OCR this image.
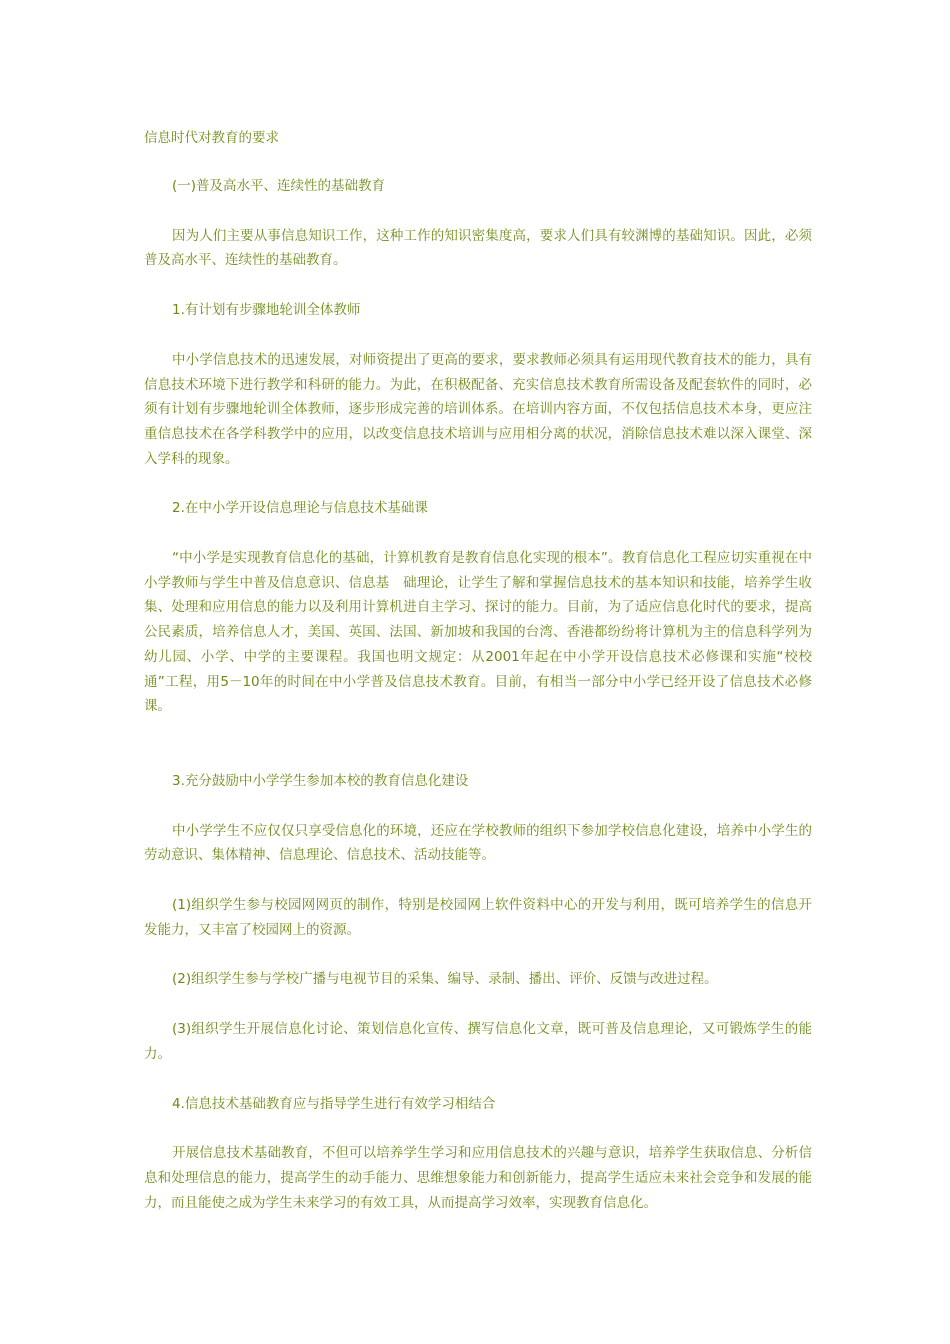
信息时代对教育的要求
(一)普及高水平、连续性的基础教育
因为人们主要从事信息知识工作，这种工作的知识密集度高，要求人们具有较渊博的基础知识。因此，必须普及高水平、连续性的基础教育。
1.有计划有步骤地轮训全体教师
中小学信息技术的迅速发展，对师资提出了更高的要求，要求教师必须具有运用现代教育技术的能力，具有信息技术环境下进行教学和科研的能力。为此，在积极配备、充实信息技术教育所需设备及配套软件的同时，必须有计划有步骤地轮训全体教师，逐步形成完善的培训体系。在培训内容方面，不仅包括信息技术本身，更应注重信息技术在各学科教学中的应用，以改变信息技术培训与应用相分离的状况，消除信息技术难以深入课堂、深入学科的现象。
2.在中小学开设信息理论与信息技术基础课
“中小学是实现教育信息化的基础，计算机教育是教育信息化实现的根本”。教育信息化工程应切实重视在中小学教师与学生中普及信息意识、信息基　础理论，让学生了解和掌握信息技术的基本知识和技能，培养学生收集、处理和应用信息的能力以及利用计算机进自主学习、探讨的能力。目前，为了适应信息化时代的要求，提高公民素质，培养信息人才，美国、英国、法国、新加坡和我国的台湾、香港都纷纷将计算机为主的信息科学列为幼儿园、小学、中学的主要课程。我国也明文规定：从2001年起在中小学开设信息技术必修课和实施“校校通”工程，用5－10年的时间在中小学普及信息技术教育。目前，有相当一部分中小学已经开设了信息技术必修课。
3.充分鼓励中小学学生参加本校的教育信息化建设
中小学学生不应仅仅只享受信息化的环境，还应在学校教师的组织下参加学校信息化建设，培养中小学生的劳动意识、集体精神、信息理论、信息技术、活动技能等。
(1)组织学生参与校园网网页的制作，特别是校园网上软件资料中心的开发与利用，既可培养学生的信息开发能力，又丰富了校园网上的资源。
(2)组织学生参与学校广播与电视节目的采集、编导、录制、播出、评价、反馈与改进过程。
(3)组织学生开展信息化讨论、策划信息化宣传、撰写信息化文章，既可普及信息理论，又可锻炼学生的能力。
4.信息技术基础教育应与指导学生进行有效学习相结合
开展信息技术基础教育，不但可以培养学生学习和应用信息技术的兴趣与意识，培养学生获取信息、分析信息和处理信息的能力，提高学生的动手能力、思维想象能力和创新能力，提高学生适应未来社会竞争和发展的能力，而且能使之成为学生未来学习的有效工具，从而提高学习效率，实现教育信息化。
